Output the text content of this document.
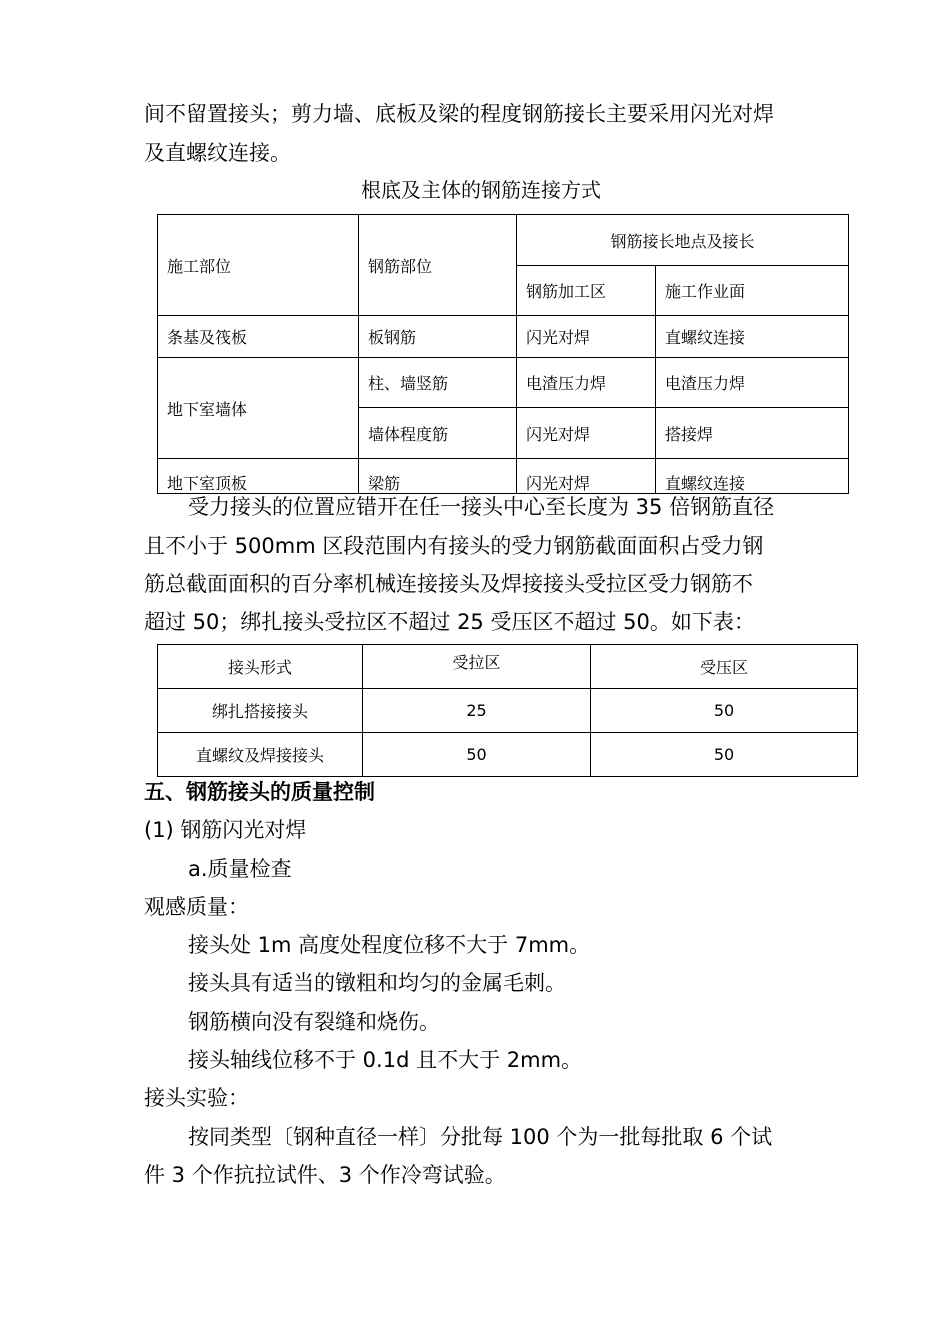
间不留置接头；剪力墙、底板及梁的程度钢筋接长主要采用闪光对焊
及直螺纹连接。
根底及主体的钢筋连接方式
施工部位	钢筋部位
钢筋接长地点及接长
钢筋加工区	施工作业面
条基及筏板	板钢筋	闪光对焊	直螺纹连接
地下室墙体
柱、墙竖筋	电渣压力焊	电渣压力焊
墙体程度筋	闪光对焊	搭接焊
地下室顶板	梁筋	闪光对焊	直螺纹连接
受力接头的位置应错开在任一接头中心至长度为 35 倍钢筋直径
且不小于 500mm 区段范围内有接头的受力钢筋截面面积占受力钢
筋总截面面积的百分率机械连接接头及焊接接头受拉区受力钢筋不
超过 50；绑扎接头受拉区不超过 25 受压区不超过 50。如下表：
接头形式	受拉区	受压区
绑扎搭接接头	25	50
直螺纹及焊接接头	50	50
五、钢筋接头的质量控制
(1) 钢筋闪光对焊
a.质量检查
观感质量：
接头处 1m 高度处程度位移不大于 7mm。
接头具有适当的镦粗和均匀的金属毛刺。
钢筋横向没有裂缝和烧伤。
接头轴线位移不于 0.1d 且不大于 2mm。
接头实验：
按同类型〔钢种直径一样〕分批每 100 个为一批每批取 6 个试
件 3 个作抗拉试件、3 个作冷弯试验。
